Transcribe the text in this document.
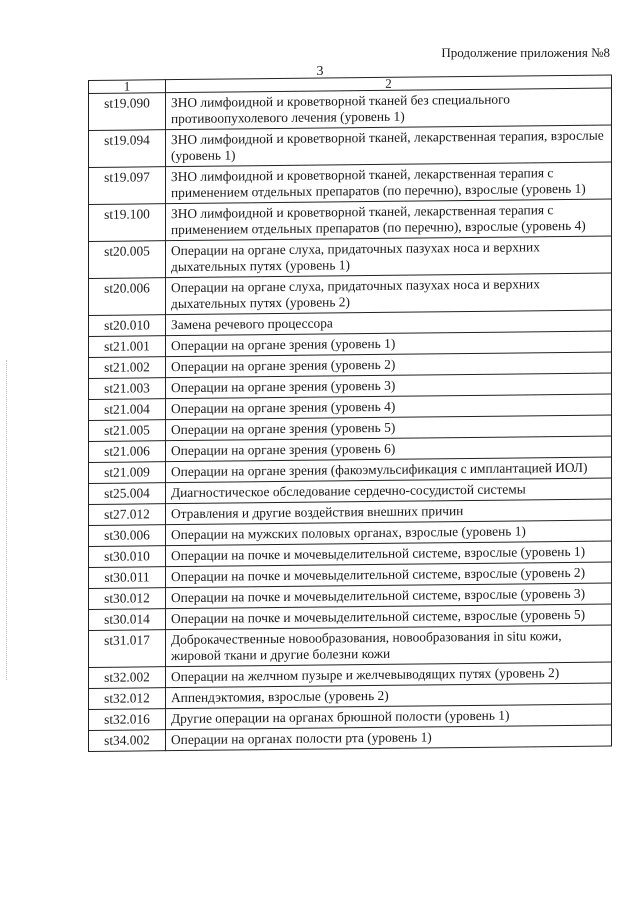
Продолжение приложения №8
3
1	2
st19.090	ЗНО лимфоидной и кроветворной тканей без специального противоопухолевого лечения (уровень 1)
st19.094	ЗНО лимфоидной и кроветворной тканей, лекарственная терапия, взрослые (уровень 1)
st19.097	ЗНО лимфоидной и кроветворной тканей, лекарственная терапия с применением отдельных препаратов (по перечню), взрослые (уровень 1)
st19.100	ЗНО лимфоидной и кроветворной тканей, лекарственная терапия с применением отдельных препаратов (по перечню), взрослые (уровень 4)
st20.005	Операции на органе слуха, придаточных пазухах носа и верхних дыхательных путях (уровень 1)
st20.006	Операции на органе слуха, придаточных пазухах носа и верхних дыхательных путях (уровень 2)
st20.010	Замена речевого процессора
st21.001	Операции на органе зрения (уровень 1)
st21.002	Операции на органе зрения (уровень 2)
st21.003	Операции на органе зрения (уровень 3)
st21.004	Операции на органе зрения (уровень 4)
st21.005	Операции на органе зрения (уровень 5)
st21.006	Операции на органе зрения (уровень 6)
st21.009	Операции на органе зрения (факоэмульсификация с имплантацией ИОЛ)
st25.004	Диагностическое обследование сердечно-сосудистой системы
st27.012	Отравления и другие воздействия внешних причин
st30.006	Операции на мужских половых органах, взрослые (уровень 1)
st30.010	Операции на почке и мочевыделительной системе, взрослые (уровень 1)
st30.011	Операции на почке и мочевыделительной системе, взрослые (уровень 2)
st30.012	Операции на почке и мочевыделительной системе, взрослые (уровень 3)
st30.014	Операции на почке и мочевыделительной системе, взрослые (уровень 5)
st31.017	Доброкачественные новообразования, новообразования in situ кожи, жировой ткани и другие болезни кожи
st32.002	Операции на желчном пузыре и желчевыводящих путях (уровень 2)
st32.012	Аппендэктомия, взрослые (уровень 2)
st32.016	Другие операции на органах брюшной полости (уровень 1)
st34.002	Операции на органах полости рта (уровень 1)
